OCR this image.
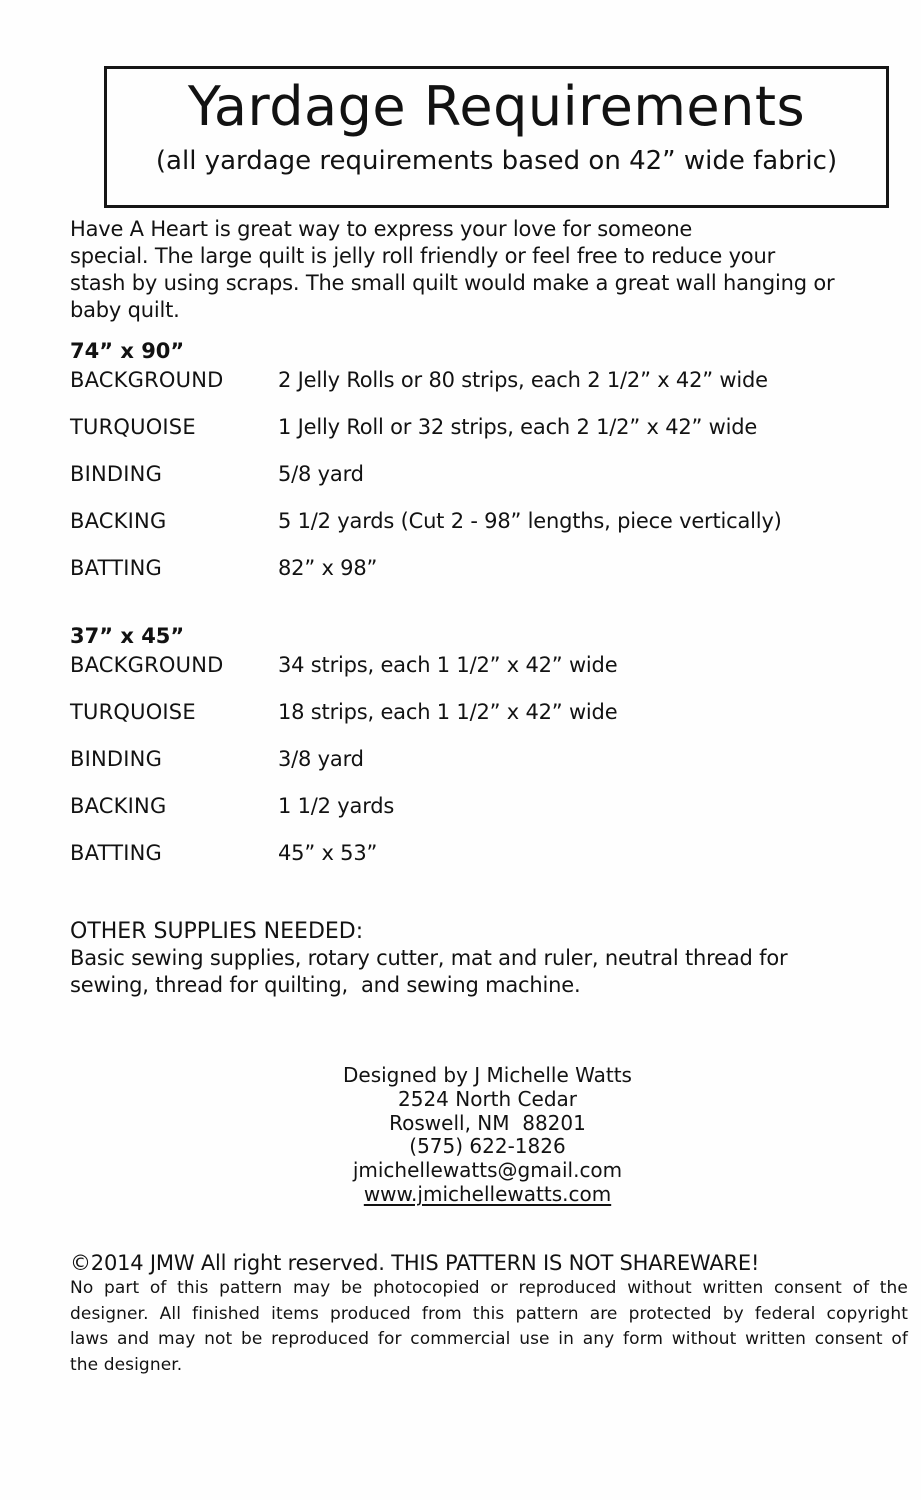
Yardage Requirements
(all yardage requirements based on 42” wide fabric)
Have A Heart is great way to express your love for someone
special. The large quilt is jelly roll friendly or feel free to reduce your
stash by using scraps. The small quilt would make a great wall hanging or
baby quilt.
74” x 90”
BACKGROUND	2 Jelly Rolls or 80 strips, each 2 1/2” x 42” wide
TURQUOISE	1 Jelly Roll or 32 strips, each 2 1/2” x 42” wide
BINDING	5/8 yard
BACKING	5 1/2 yards (Cut 2 - 98” lengths, piece vertically)
BATTING	82” x 98”
37” x 45”
BACKGROUND	34 strips, each 1 1/2” x 42” wide
TURQUOISE	18 strips, each 1 1/2” x 42” wide
BINDING	3/8 yard
BACKING	1 1/2 yards
BATTING	45” x 53”
OTHER SUPPLIES NEEDED:
Basic sewing supplies, rotary cutter, mat and ruler, neutral thread for
sewing, thread for quilting,  and sewing machine.
Designed by J Michelle Watts
2524 North Cedar
Roswell, NM  88201
(575) 622-1826
jmichellewatts@gmail.com
www.jmichellewatts.com
©2014 JMW All right reserved. THIS PATTERN IS NOT SHAREWARE!
No part of this pattern may be photocopied or reproduced without written consent of the
designer. All finished items produced from this pattern are protected by federal copyright
laws and may not be reproduced for commercial use in any form without written consent of
the designer.
